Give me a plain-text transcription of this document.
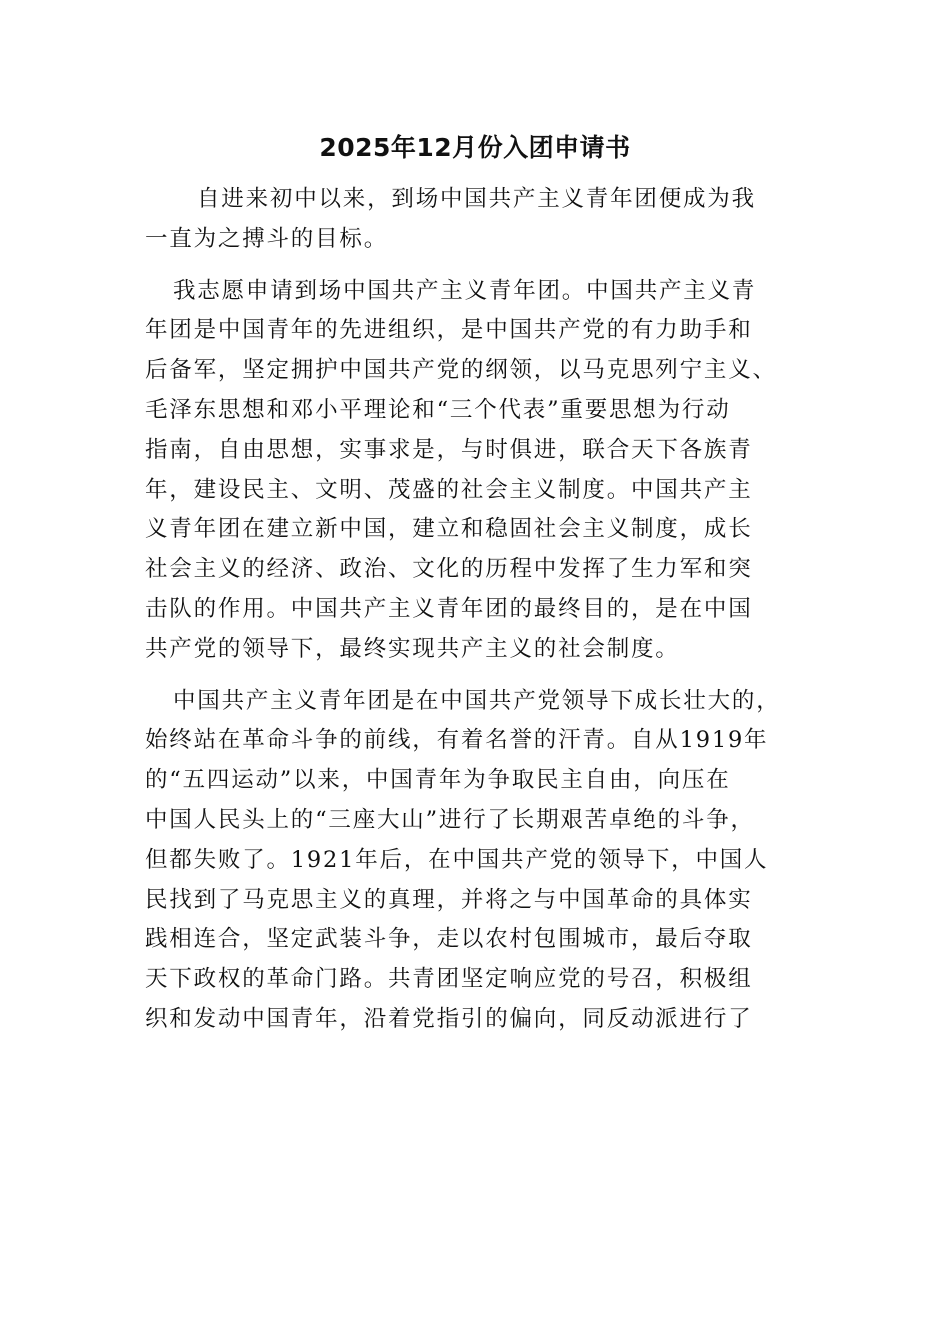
2025年12月份入团申请书
自进来初中以来，到场中国共产主义青年团便成为我
一直为之搏斗的目标。
我志愿申请到场中国共产主义青年团。中国共产主义青
年团是中国青年的先进组织，是中国共产党的有力助手和
后备军，坚定拥护中国共产党的纲领，以马克思列宁主义、
毛泽东思想和邓小平理论和“三个代表”重要思想为行动
指南，自由思想，实事求是，与时俱进，联合天下各族青
年，建设民主、文明、茂盛的社会主义制度。中国共产主
义青年团在建立新中国，建立和稳固社会主义制度，成长
社会主义的经济、政治、文化的历程中发挥了生力军和突
击队的作用。中国共产主义青年团的最终目的，是在中国
共产党的领导下，最终实现共产主义的社会制度。
中国共产主义青年团是在中国共产党领导下成长壮大的，
始终站在革命斗争的前线，有着名誉的汗青。自从1919年
的“五四运动”以来，中国青年为争取民主自由，向压在
中国人民头上的“三座大山”进行了长期艰苦卓绝的斗争，
但都失败了。1921年后，在中国共产党的领导下，中国人
民找到了马克思主义的真理，并将之与中国革命的具体实
践相连合，坚定武装斗争，走以农村包围城市，最后夺取
天下政权的革命门路。共青团坚定响应党的号召，积极组
织和发动中国青年，沿着党指引的偏向，同反动派进行了
